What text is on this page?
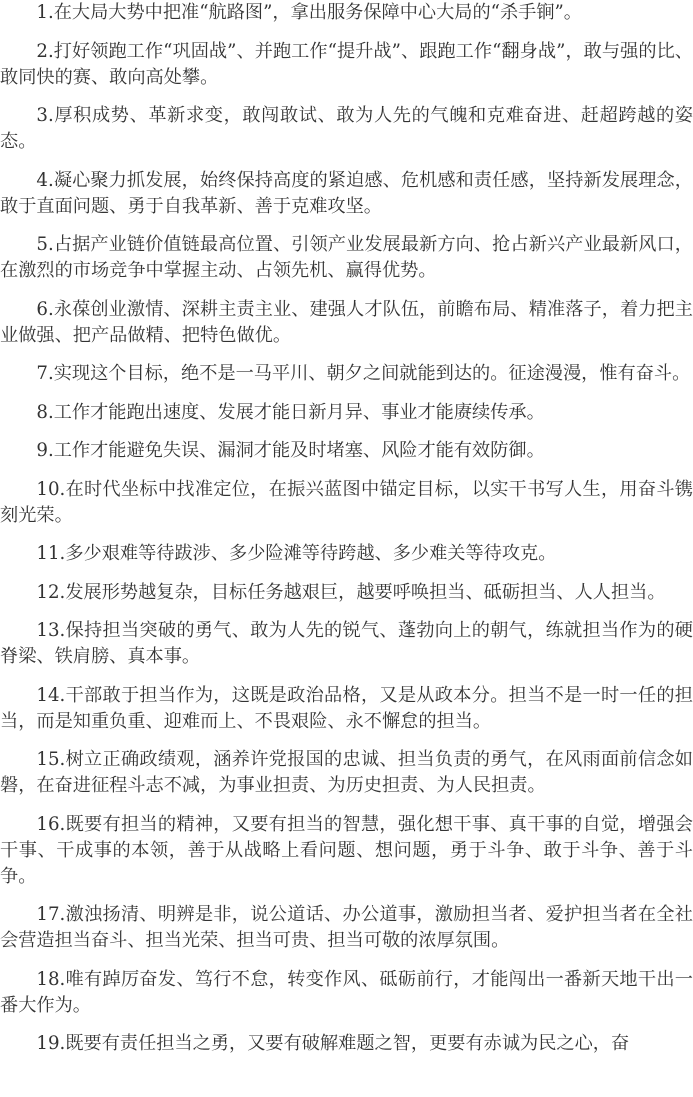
1.在大局大势中把准“航路图”，拿出服务保障中心大局的“杀手锏”。

2.打好领跑工作“巩固战”、并跑工作“提升战”、跟跑工作“翻身战”，敢与强的比、敢同快的赛、敢向高处攀。

3.厚积成势、革新求变，敢闯敢试、敢为人先的气魄和克难奋进、赶超跨越的姿态。

4.凝心聚力抓发展，始终保持高度的紧迫感、危机感和责任感，坚持新发展理念，敢于直面问题、勇于自我革新、善于克难攻坚。

5.占据产业链价值链最高位置、引领产业发展最新方向、抢占新兴产业最新风口，在激烈的市场竞争中掌握主动、占领先机、赢得优势。

6.永葆创业激情、深耕主责主业、建强人才队伍，前瞻布局、精准落子，着力把主业做强、把产品做精、把特色做优。

7.实现这个目标，绝不是一马平川、朝夕之间就能到达的。征途漫漫，惟有奋斗。

8.工作才能跑出速度、发展才能日新月异、事业才能赓续传承。

9.工作才能避免失误、漏洞才能及时堵塞、风险才能有效防御。

10.在时代坐标中找准定位，在振兴蓝图中锚定目标，以实干书写人生，用奋斗镌刻光荣。

11.多少艰难等待跋涉、多少险滩等待跨越、多少难关等待攻克。

12.发展形势越复杂，目标任务越艰巨，越要呼唤担当、砥砺担当、人人担当。

13.保持担当突破的勇气、敢为人先的锐气、蓬勃向上的朝气，练就担当作为的硬脊梁、铁肩膀、真本事。

14.干部敢于担当作为，这既是政治品格，又是从政本分。担当不是一时一任的担当，而是知重负重、迎难而上、不畏艰险、永不懈怠的担当。

15.树立正确政绩观，涵养许党报国的忠诚、担当负责的勇气，在风雨面前信念如磐，在奋进征程斗志不减，为事业担责、为历史担责、为人民担责。

16.既要有担当的精神，又要有担当的智慧，强化想干事、真干事的自觉，增强会干事、干成事的本领，善于从战略上看问题、想问题，勇于斗争、敢于斗争、善于斗争。

17.激浊扬清、明辨是非，说公道话、办公道事，激励担当者、爱护担当者在全社会营造担当奋斗、担当光荣、担当可贵、担当可敬的浓厚氛围。

18.唯有踔厉奋发、笃行不怠，转变作风、砥砺前行，才能闯出一番新天地干出一番大作为。

19.既要有责任担当之勇，又要有破解难题之智，更要有赤诚为民之心，奋
